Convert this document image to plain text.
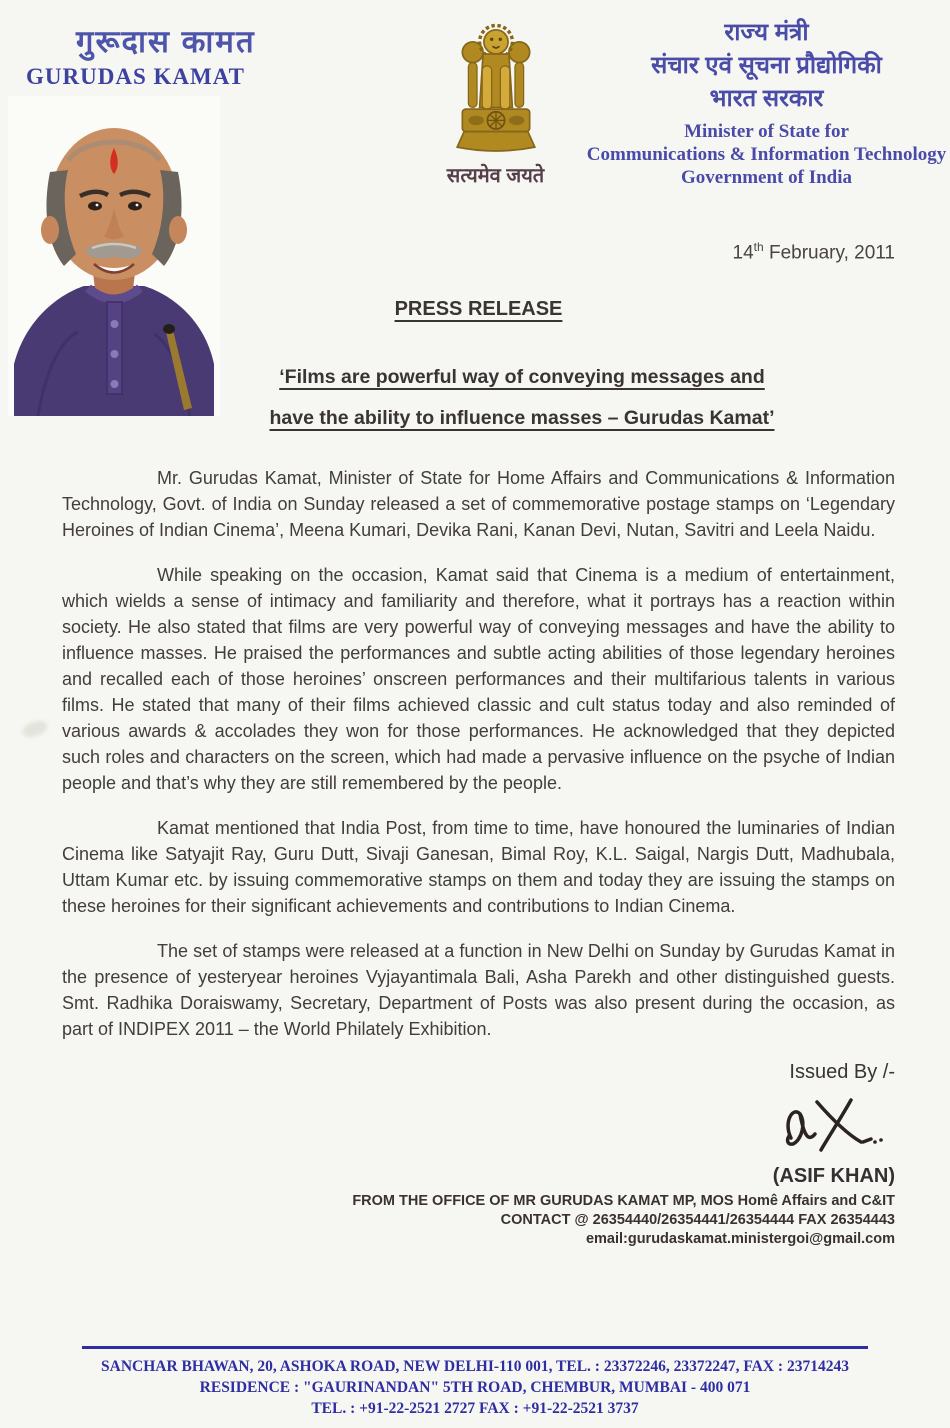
गुरूदास कामत
GURUDAS KAMAT
सत्यमेव जयते
राज्य मंत्री
संचार एवं सूचना प्रौद्योगिकी
भारत सरकार
Minister of State for
Communications & Information Technology
Government of India
14th February, 2011
PRESS RELEASE
‘Films are powerful way of conveying messages and
have the ability to influence masses – Gurudas Kamat’

Mr. Gurudas Kamat, Minister of State for Home Affairs and Communications & Information Technology, Govt. of India on Sunday released a set of commemorative postage stamps on ‘Legendary Heroines of Indian Cinema’, Meena Kumari, Devika Rani, Kanan Devi, Nutan, Savitri and Leela Naidu.

While speaking on the occasion, Kamat said that Cinema is a medium of entertainment, which wields a sense of intimacy and familiarity and therefore, what it portrays has a reaction within society. He also stated that films are very powerful way of conveying messages and have the ability to influence masses. He praised the performances and subtle acting abilities of those legendary heroines and recalled each of those heroines’ onscreen performances and their multifarious talents in various films. He stated that many of their films achieved classic and cult status today and also reminded of various awards & accolades they won for those performances. He acknowledged that they depicted such roles and characters on the screen, which had made a pervasive influence on the psyche of Indian people and that’s why they are still remembered by the people.

Kamat mentioned that India Post, from time to time, have honoured the luminaries of Indian Cinema like Satyajit Ray, Guru Dutt, Sivaji Ganesan, Bimal Roy, K.L. Saigal, Nargis Dutt, Madhubala, Uttam Kumar etc. by issuing commemorative stamps on them and today they are issuing the stamps on these heroines for their significant achievements and contributions to Indian Cinema.

The set of stamps were released at a function in New Delhi on Sunday by Gurudas Kamat in the presence of yesteryear heroines Vyjayantimala Bali, Asha Parekh and other distinguished guests. Smt. Radhika Doraiswamy, Secretary, Department of Posts was also present during the occasion, as part of INDIPEX 2011 – the World Philately Exhibition.

Issued By /-
(ASIF KHAN)
FROM THE OFFICE OF MR GURUDAS KAMAT MP, MOS Homê Affairs and C&IT
CONTACT @ 26354440/26354441/26354444 FAX 26354443
email:gurudaskamat.ministergoi@gmail.com
SANCHAR BHAWAN, 20, ASHOKA ROAD, NEW DELHI-110 001, TEL. : 23372246, 23372247, FAX : 23714243
RESIDENCE : "GAURINANDAN" 5TH ROAD, CHEMBUR, MUMBAI - 400 071
TEL. : +91-22-2521 2727 FAX : +91-22-2521 3737
